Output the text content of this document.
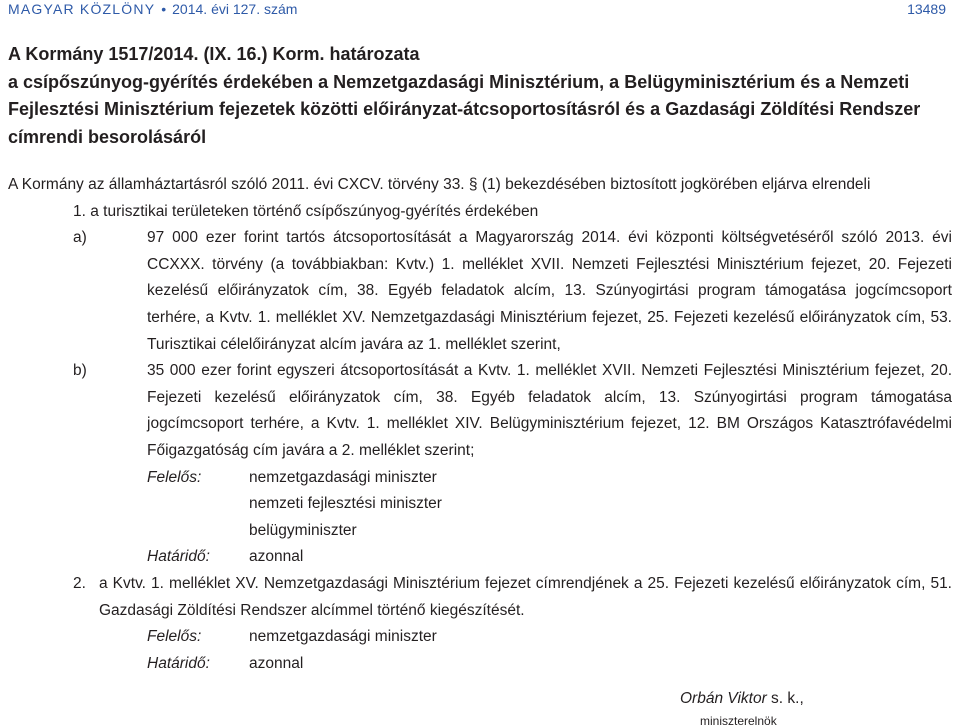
MAGYAR KÖZLÖNY • 2014. évi 127. szám	13489
A Kormány 1517/2014. (IX. 16.) Korm. határozata
a csípőszúnyog-gyérítés érdekében a Nemzetgazdasági Minisztérium, a Belügyminisztérium és a Nemzeti
Fejlesztési Minisztérium fejezetek közötti előirányzat-átcsoportosításról és a Gazdasági Zöldítési Rendszer
címrendi besorolásáról
A Kormány az államháztartásról szóló 2011. évi CXCV. törvény 33. § (1) bekezdésében biztosított jogkörében eljárva elrendeli
1. a turisztikai területeken történő csípőszúnyog-gyérítés érdekében
a)	97 000 ezer forint tartós átcsoportosítását a Magyarország 2014. évi központi költségvetéséről szóló 2013. évi CCXXX. törvény (a továbbiakban: Kvtv.) 1. melléklet XVII. Nemzeti Fejlesztési Minisztérium fejezet, 20. Fejezeti kezelésű előirányzatok cím, 38. Egyéb feladatok alcím, 13. Szúnyogirtási program támogatása jogcímcsoport terhére, a Kvtv. 1. melléklet XV. Nemzetgazdasági Minisztérium fejezet, 25. Fejezeti kezelésű előirányzatok cím, 53. Turisztikai célelőirányzat alcím javára az 1. melléklet szerint,
b)	35 000 ezer forint egyszeri átcsoportosítását a Kvtv. 1. melléklet XVII. Nemzeti Fejlesztési Minisztérium fejezet, 20. Fejezeti kezelésű előirányzatok cím, 38. Egyéb feladatok alcím, 13. Szúnyogirtási program támogatása jogcímcsoport terhére, a Kvtv. 1. melléklet XIV. Belügyminisztérium fejezet, 12. BM Országos Katasztrófavédelmi Főigazgatóság cím javára a 2. melléklet szerint;
Felelős:	nemzetgazdasági miniszter
nemzeti fejlesztési miniszter
belügyminiszter
Határidő:	azonnal
2. a Kvtv. 1. melléklet XV. Nemzetgazdasági Minisztérium fejezet címrendjének a 25. Fejezeti kezelésű előirányzatok cím, 51. Gazdasági Zöldítési Rendszer alcímmel történő kiegészítését.
Felelős:	nemzetgazdasági miniszter
Határidő:	azonnal
Orbán Viktor s. k.,
miniszterelnök
